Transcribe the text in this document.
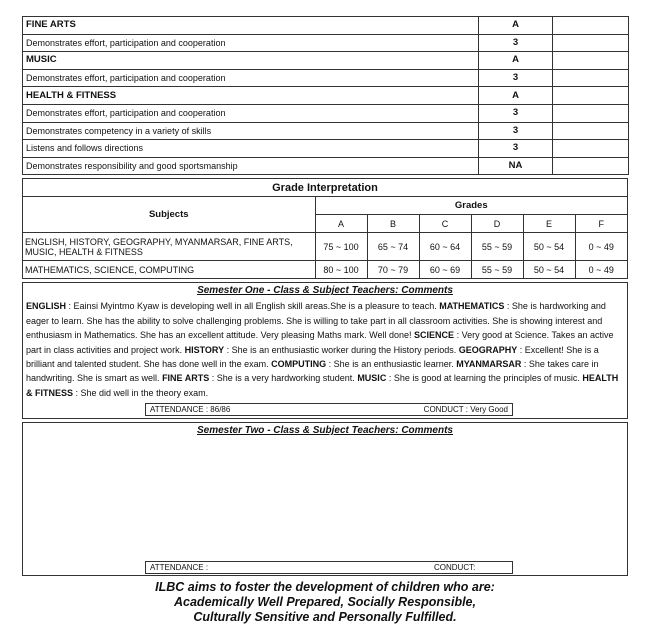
FINE ARTS	A	
Demonstrates effort, participation and cooperation	3	
MUSIC	A	
Demonstrates effort, participation and cooperation	3	
HEALTH & FITNESS	A	
Demonstrates effort, participation and cooperation	3	
Demonstrates competency in a variety of skills	3	
Listens and follows directions	3	
Demonstrates responsibility and good sportsmanship	NA	
Grade Interpretation
Subjects	Grades					
	A	B	C	D	E	F
ENGLISH, HISTORY, GEOGRAPHY, MYANMARSAR, FINE ARTS, MUSIC, HEALTH & FITNESS	75 ~ 100	65 ~ 74	60 ~ 64	55 ~ 59	50 ~ 54	0 ~ 49
MATHEMATICS, SCIENCE, COMPUTING	80 ~ 100	70 ~ 79	60 ~ 69	55 ~ 59	50 ~ 54	0 ~ 49
Semester One - Class & Subject Teachers: Comments
ENGLISH : Eainsi Myintmo Kyaw is developing well in all English skill areas.She is a pleasure to teach. MATHEMATICS : She is hardworking and eager to learn. She has the ability to solve challenging problems. She is willing to take part in all classroom activities. She is showing interest and enthusiasm in Mathematics. She has an excellent attitude. Very pleasing Maths mark. Well done! SCIENCE : Very good at Science. Takes an active part in class activities and project work. HISTORY : She is an enthusiastic worker during the History periods. GEOGRAPHY : Excellent! She is a brilliant and talented student. She has done well in the exam. COMPUTING : She is an enthusiastic learner. MYANMARSAR : She takes care in handwriting. She is smart as well. FINE ARTS : She is a very hardworking student. MUSIC : She is good at learning the principles of music. HEALTH & FITNESS : She did well in the theory exam.
ATTENDANCE : 86/86	CONDUCT : Very Good
Semester Two - Class & Subject Teachers: Comments
ATTENDANCE :	CONDUCT:
ILBC aims to foster the development of children who are:
Academically Well Prepared, Socially Responsible,
Culturally Sensitive and Personally Fulfilled.
